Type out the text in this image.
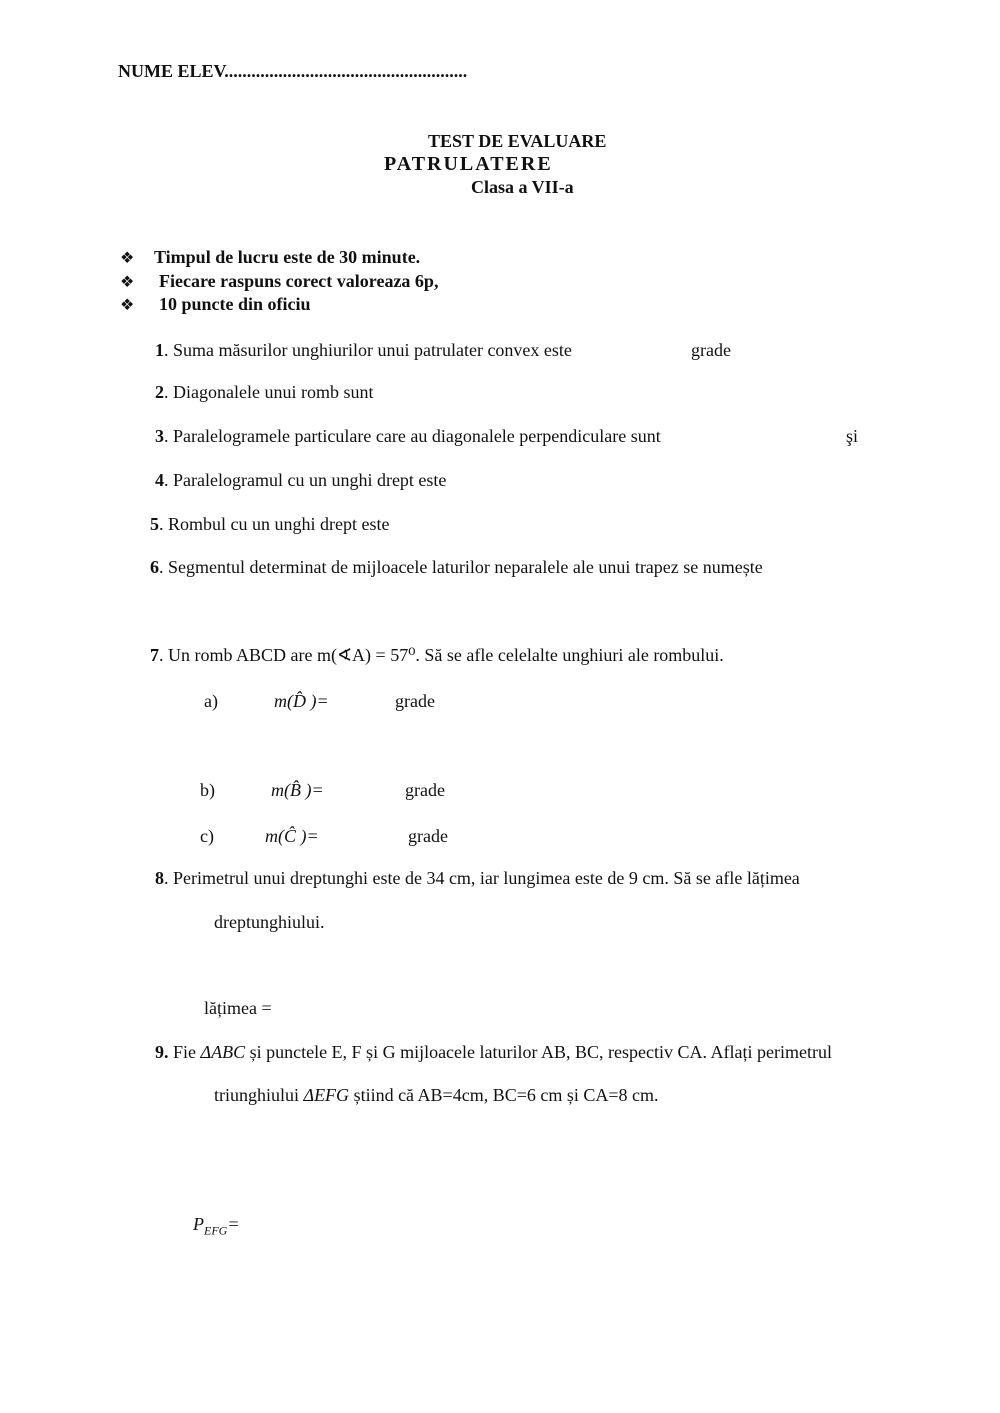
NUME ELEV......................................................
TEST DE EVALUARE
PATRULATERE
Clasa a VII-a
❖ Timpul de lucru este de 30 minute.
❖ Fiecare raspuns corect valoreaza 6p,
❖ 10 puncte din oficiu
1. Suma măsurilor unghiurilor unui patrulater convex este	grade
2. Diagonalele unui romb sunt
3. Paralelogramele particulare care au diagonalele perpendiculare sunt	şi
4. Paralelogramul cu un unghi drept este
5. Rombul cu un unghi drept este
6. Segmentul determinat de mijloacele laturilor neparalele ale unui trapez se numește
7. Un romb ABCD are m(∢A) = 57⁰. Să se afle celelalte unghiuri ale rombului.
a)	m(D̂ )=	grade
b)	m(B̂ )=	grade
c)	m(Ĉ )=	grade
8. Perimetrul unui dreptunghi este de 34 cm, iar lungimea este de 9 cm. Să se afle lățimea
dreptunghiului.
lățimea =
9. Fie ΔABC și punctele E, F și G mijloacele laturilor AB, BC, respectiv CA. Aflați perimetrul
triunghiului ΔEFG știind că AB=4cm, BC=6 cm și CA=8 cm.
$P_{EFG}=$
